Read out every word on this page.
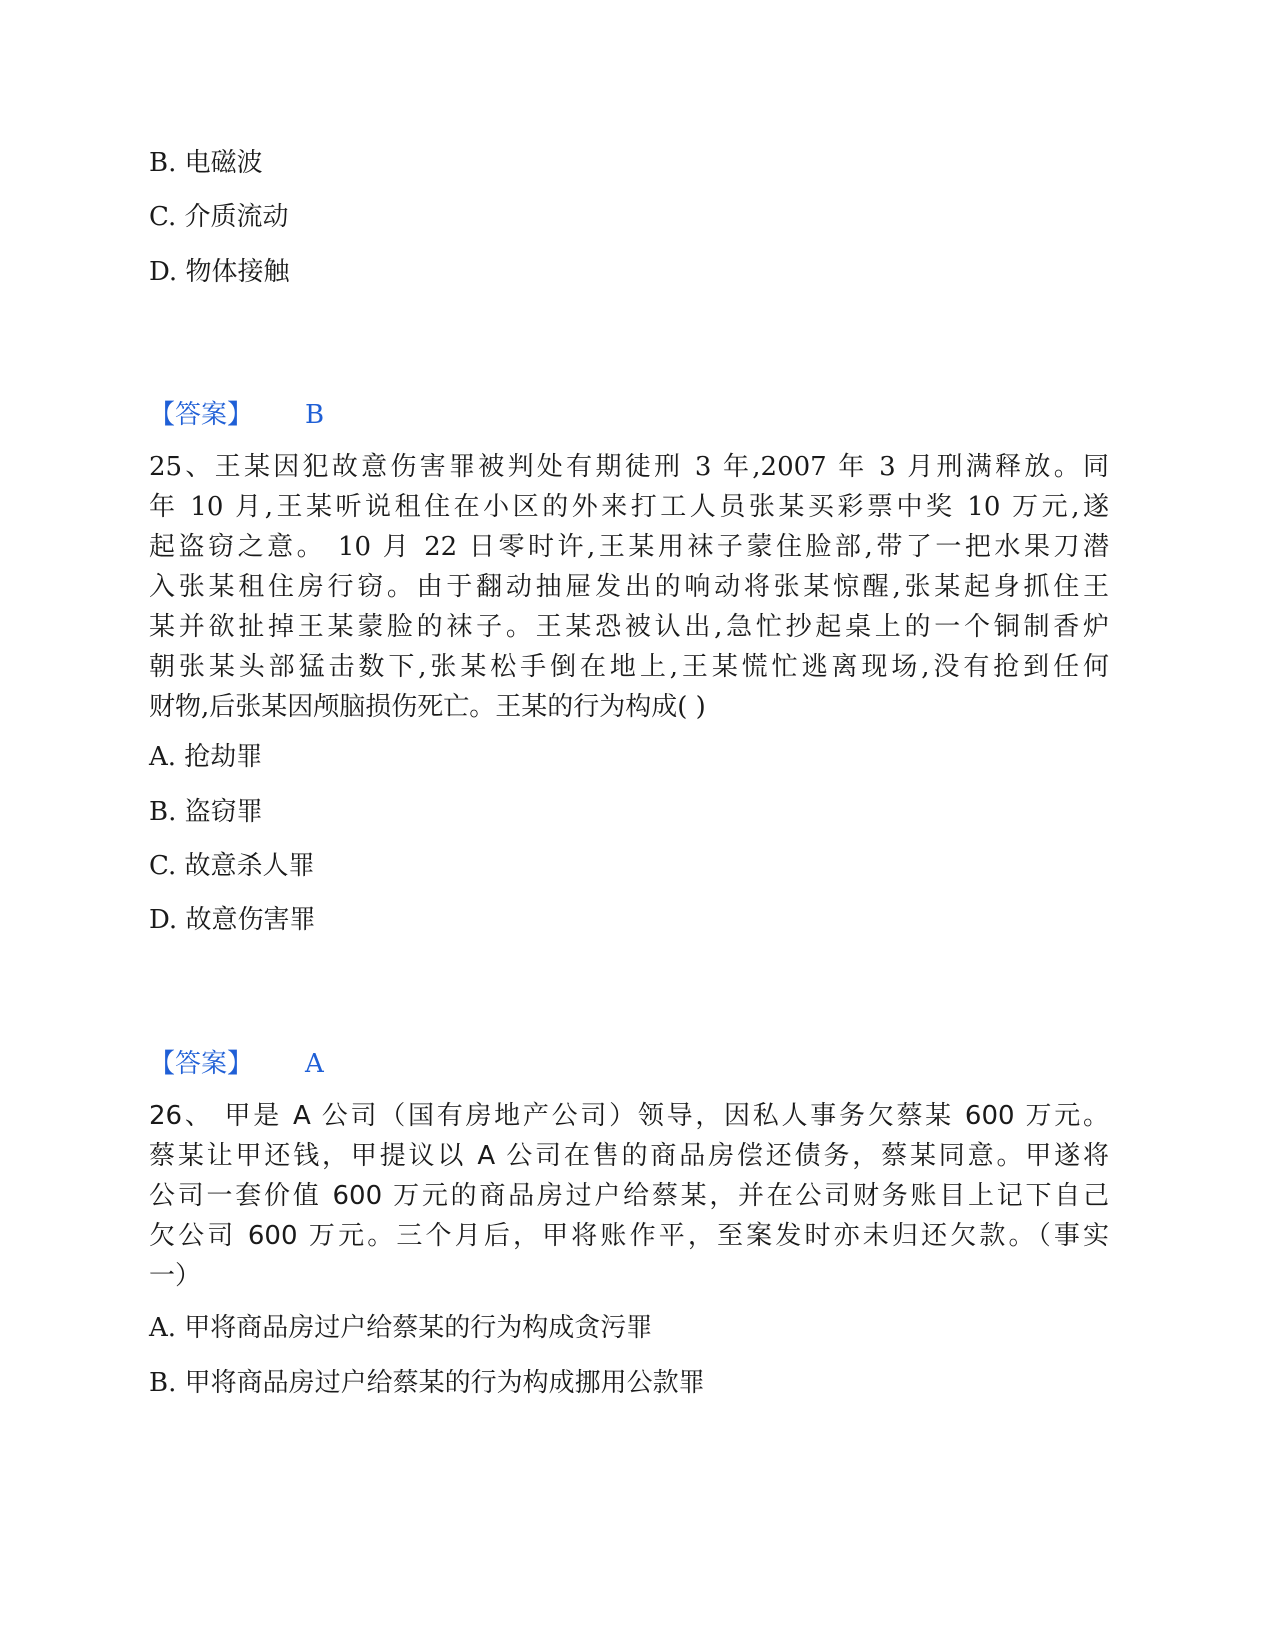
B. 电磁波
C. 介质流动
D. 物体接触
【答案】 B
25、王某因犯故意伤害罪被判处有期徒刑 3 年,2007 年 3 月刑满释放。同
年 10 月,王某听说租住在小区的外来打工人员张某买彩票中奖 10 万元,遂
起盗窃之意。 10 月 22 日零时许,王某用袜子蒙住脸部,带了一把水果刀潜
入张某租住房行窃。由于翻动抽屉发出的响动将张某惊醒,张某起身抓住王
某并欲扯掉王某蒙脸的袜子。王某恐被认出,急忙抄起桌上的一个铜制香炉
朝张某头部猛击数下,张某松手倒在地上,王某慌忙逃离现场,没有抢到任何
财物,后张某因颅脑损伤死亡。王某的行为构成( )
A. 抢劫罪
B. 盗窃罪
C. 故意杀人罪
D. 故意伤害罪
【答案】 A
26、 甲是 A 公司（国有房地产公司）领导，因私人事务欠蔡某 600 万元。
蔡某让甲还钱，甲提议以 A 公司在售的商品房偿还债务，蔡某同意。甲遂将
公司一套价值 600 万元的商品房过户给蔡某，并在公司财务账目上记下自己
欠公司 600 万元。三个月后，甲将账作平，至案发时亦未归还欠款。（事实
一）
A. 甲将商品房过户给蔡某的行为构成贪污罪
B. 甲将商品房过户给蔡某的行为构成挪用公款罪
